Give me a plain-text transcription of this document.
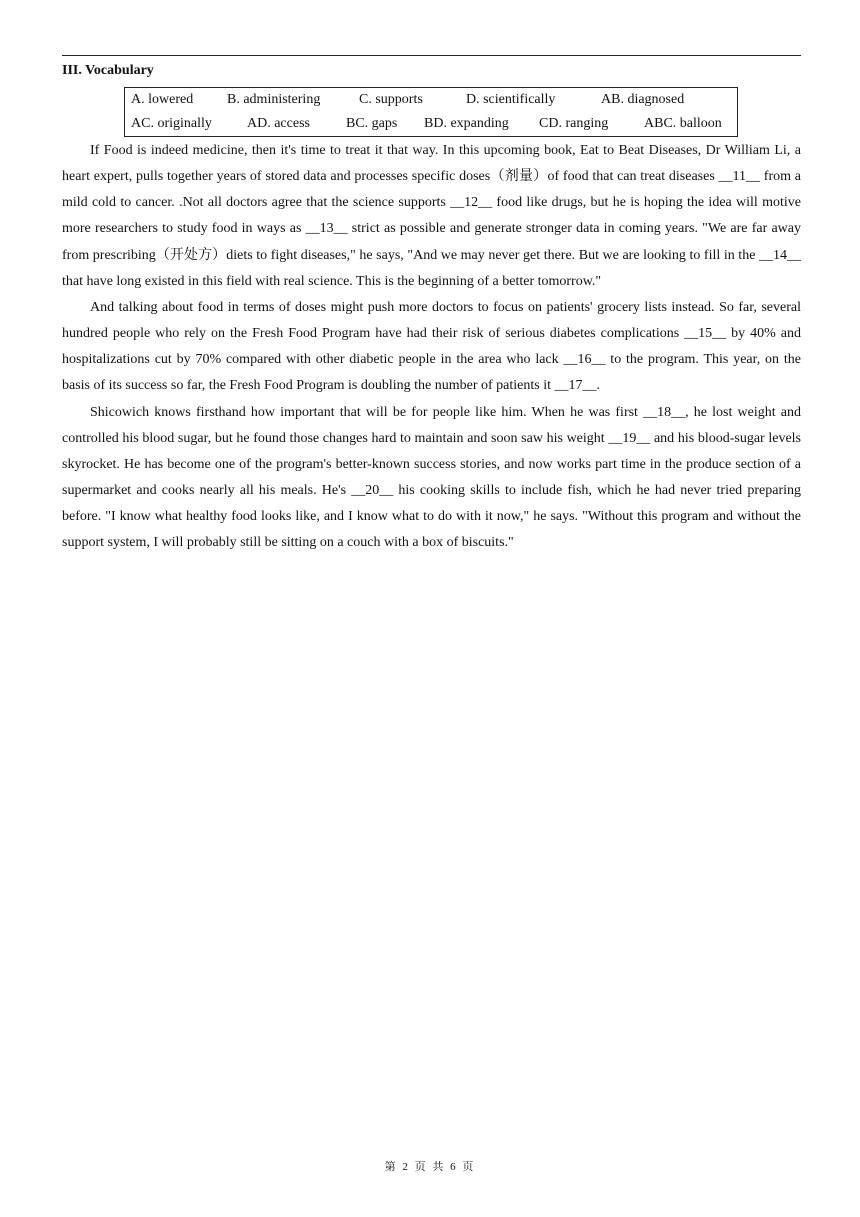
III. Vocabulary
A. lowered B. administering	C. supports	D. scientifically	AB. diagnosed
AC. originally	AD. access	BC. gaps BD. expanding CD. ranging	ABC. balloon

If Food is indeed medicine, then it's time to treat it that way. In this upcoming book, Eat to Beat Diseases, Dr William Li, a heart expert, pulls together years of stored data and processes specific doses（剂量）of food that can treat diseases __11__ from a mild cold to cancer. .Not all doctors agree that the science supports __12__ food like drugs, but he is hoping the idea will motive more researchers to study food in ways as __13__ strict as possible and generate stronger data in coming years. "We are far away from prescribing（开处方）diets to fight diseases," he says, "And we may never get there. But we are looking to fill in the __14__ that have long existed in this field with real science. This is the beginning of a better tomorrow."

And talking about food in terms of doses might push more doctors to focus on patients' grocery lists instead. So far, several hundred people who rely on the Fresh Food Program have had their risk of serious diabetes complications __15__ by 40% and hospitalizations cut by 70% compared with other diabetic people in the area who lack __16__ to the program. This year, on the basis of its success so far, the Fresh Food Program is doubling the number of patients it __17__.

Shicowich knows firsthand how important that will be for people like him. When he was first __18__, he lost weight and controlled his blood sugar, but he found those changes hard to maintain and soon saw his weight __19__ and his blood-sugar levels skyrocket. He has become one of the program's better-known success stories, and now works part time in the produce section of a supermarket and cooks nearly all his meals. He's __20__ his cooking skills to include fish, which he had never tried preparing before. "I know what healthy food looks like, and I know what to do with it now," he says. "Without this program and without the support system, I will probably still be sitting on a couch with a box of biscuits."

第 2 页 共 6 页
